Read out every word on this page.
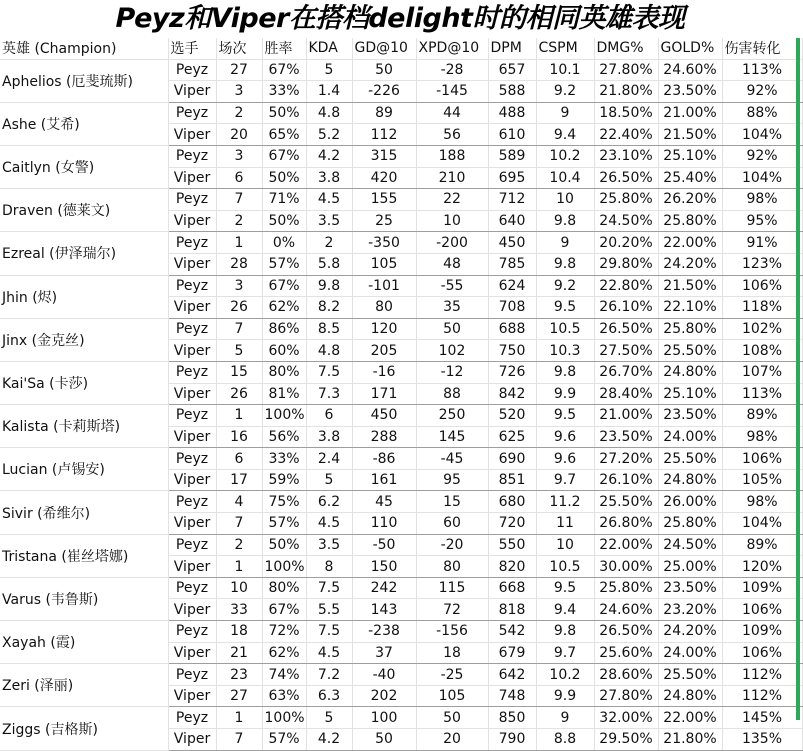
Peyz和Viper在搭档delight时的相同英雄表现
英雄 (Champion)	选手	场次	胜率	KDA	GD@10	XPD@10	DPM	CSPM	DMG%	GOLD%	伤害转化
Aphelios (厄斐琉斯)	Peyz	27	67%	5	50	-28	657	10.1	27.80%	24.60%	113%
	Viper	3	33%	1.4	-226	-145	588	9.2	21.80%	23.50%	92%
Ashe (艾希)	Peyz	2	50%	4.8	89	44	488	9	18.50%	21.00%	88%
	Viper	20	65%	5.2	112	56	610	9.4	22.40%	21.50%	104%
Caitlyn (女警)	Peyz	3	67%	4.2	315	188	589	10.2	23.10%	25.10%	92%
	Viper	6	50%	3.8	420	210	695	10.4	26.50%	25.40%	104%
Draven (德莱文)	Peyz	7	71%	4.5	155	22	712	10	25.80%	26.20%	98%
	Viper	2	50%	3.5	25	10	640	9.8	24.50%	25.80%	95%
Ezreal (伊泽瑞尔)	Peyz	1	0%	2	-350	-200	450	9	20.20%	22.00%	91%
	Viper	28	57%	5.8	105	48	785	9.8	29.80%	24.20%	123%
Jhin (烬)	Peyz	3	67%	9.8	-101	-55	624	9.2	22.80%	21.50%	106%
	Viper	26	62%	8.2	80	35	708	9.5	26.10%	22.10%	118%
Jinx (金克丝)	Peyz	7	86%	8.5	120	50	688	10.5	26.50%	25.80%	102%
	Viper	5	60%	4.8	205	102	750	10.3	27.50%	25.50%	108%
Kai'Sa (卡莎)	Peyz	15	80%	7.5	-16	-12	726	9.8	26.70%	24.80%	107%
	Viper	26	81%	7.3	171	88	842	9.9	28.40%	25.10%	113%
Kalista (卡莉斯塔)	Peyz	1	100%	6	450	250	520	9.5	21.00%	23.50%	89%
	Viper	16	56%	3.8	288	145	625	9.6	23.50%	24.00%	98%
Lucian (卢锡安)	Peyz	6	33%	2.4	-86	-45	690	9.6	27.20%	25.50%	106%
	Viper	17	59%	5	161	95	851	9.7	26.10%	24.80%	105%
Sivir (希维尔)	Peyz	4	75%	6.2	45	15	680	11.2	25.50%	26.00%	98%
	Viper	7	57%	4.5	110	60	720	11	26.80%	25.80%	104%
Tristana (崔丝塔娜)	Peyz	2	50%	3.5	-50	-20	550	10	22.00%	24.50%	89%
	Viper	1	100%	8	150	80	820	10.5	30.00%	25.00%	120%
Varus (韦鲁斯)	Peyz	10	80%	7.5	242	115	668	9.5	25.80%	23.50%	109%
	Viper	33	67%	5.5	143	72	818	9.4	24.60%	23.20%	106%
Xayah (霞)	Peyz	18	72%	7.5	-238	-156	542	9.8	26.50%	24.20%	109%
	Viper	21	62%	4.5	37	18	679	9.7	25.60%	24.00%	106%
Zeri (泽丽)	Peyz	23	74%	7.2	-40	-25	642	10.2	28.60%	25.50%	112%
	Viper	27	63%	6.3	202	105	748	9.9	27.80%	24.80%	112%
Ziggs (吉格斯)	Peyz	1	100%	5	100	50	850	9	32.00%	22.00%	145%
	Viper	7	57%	4.2	50	20	790	8.8	29.50%	21.80%	135%
